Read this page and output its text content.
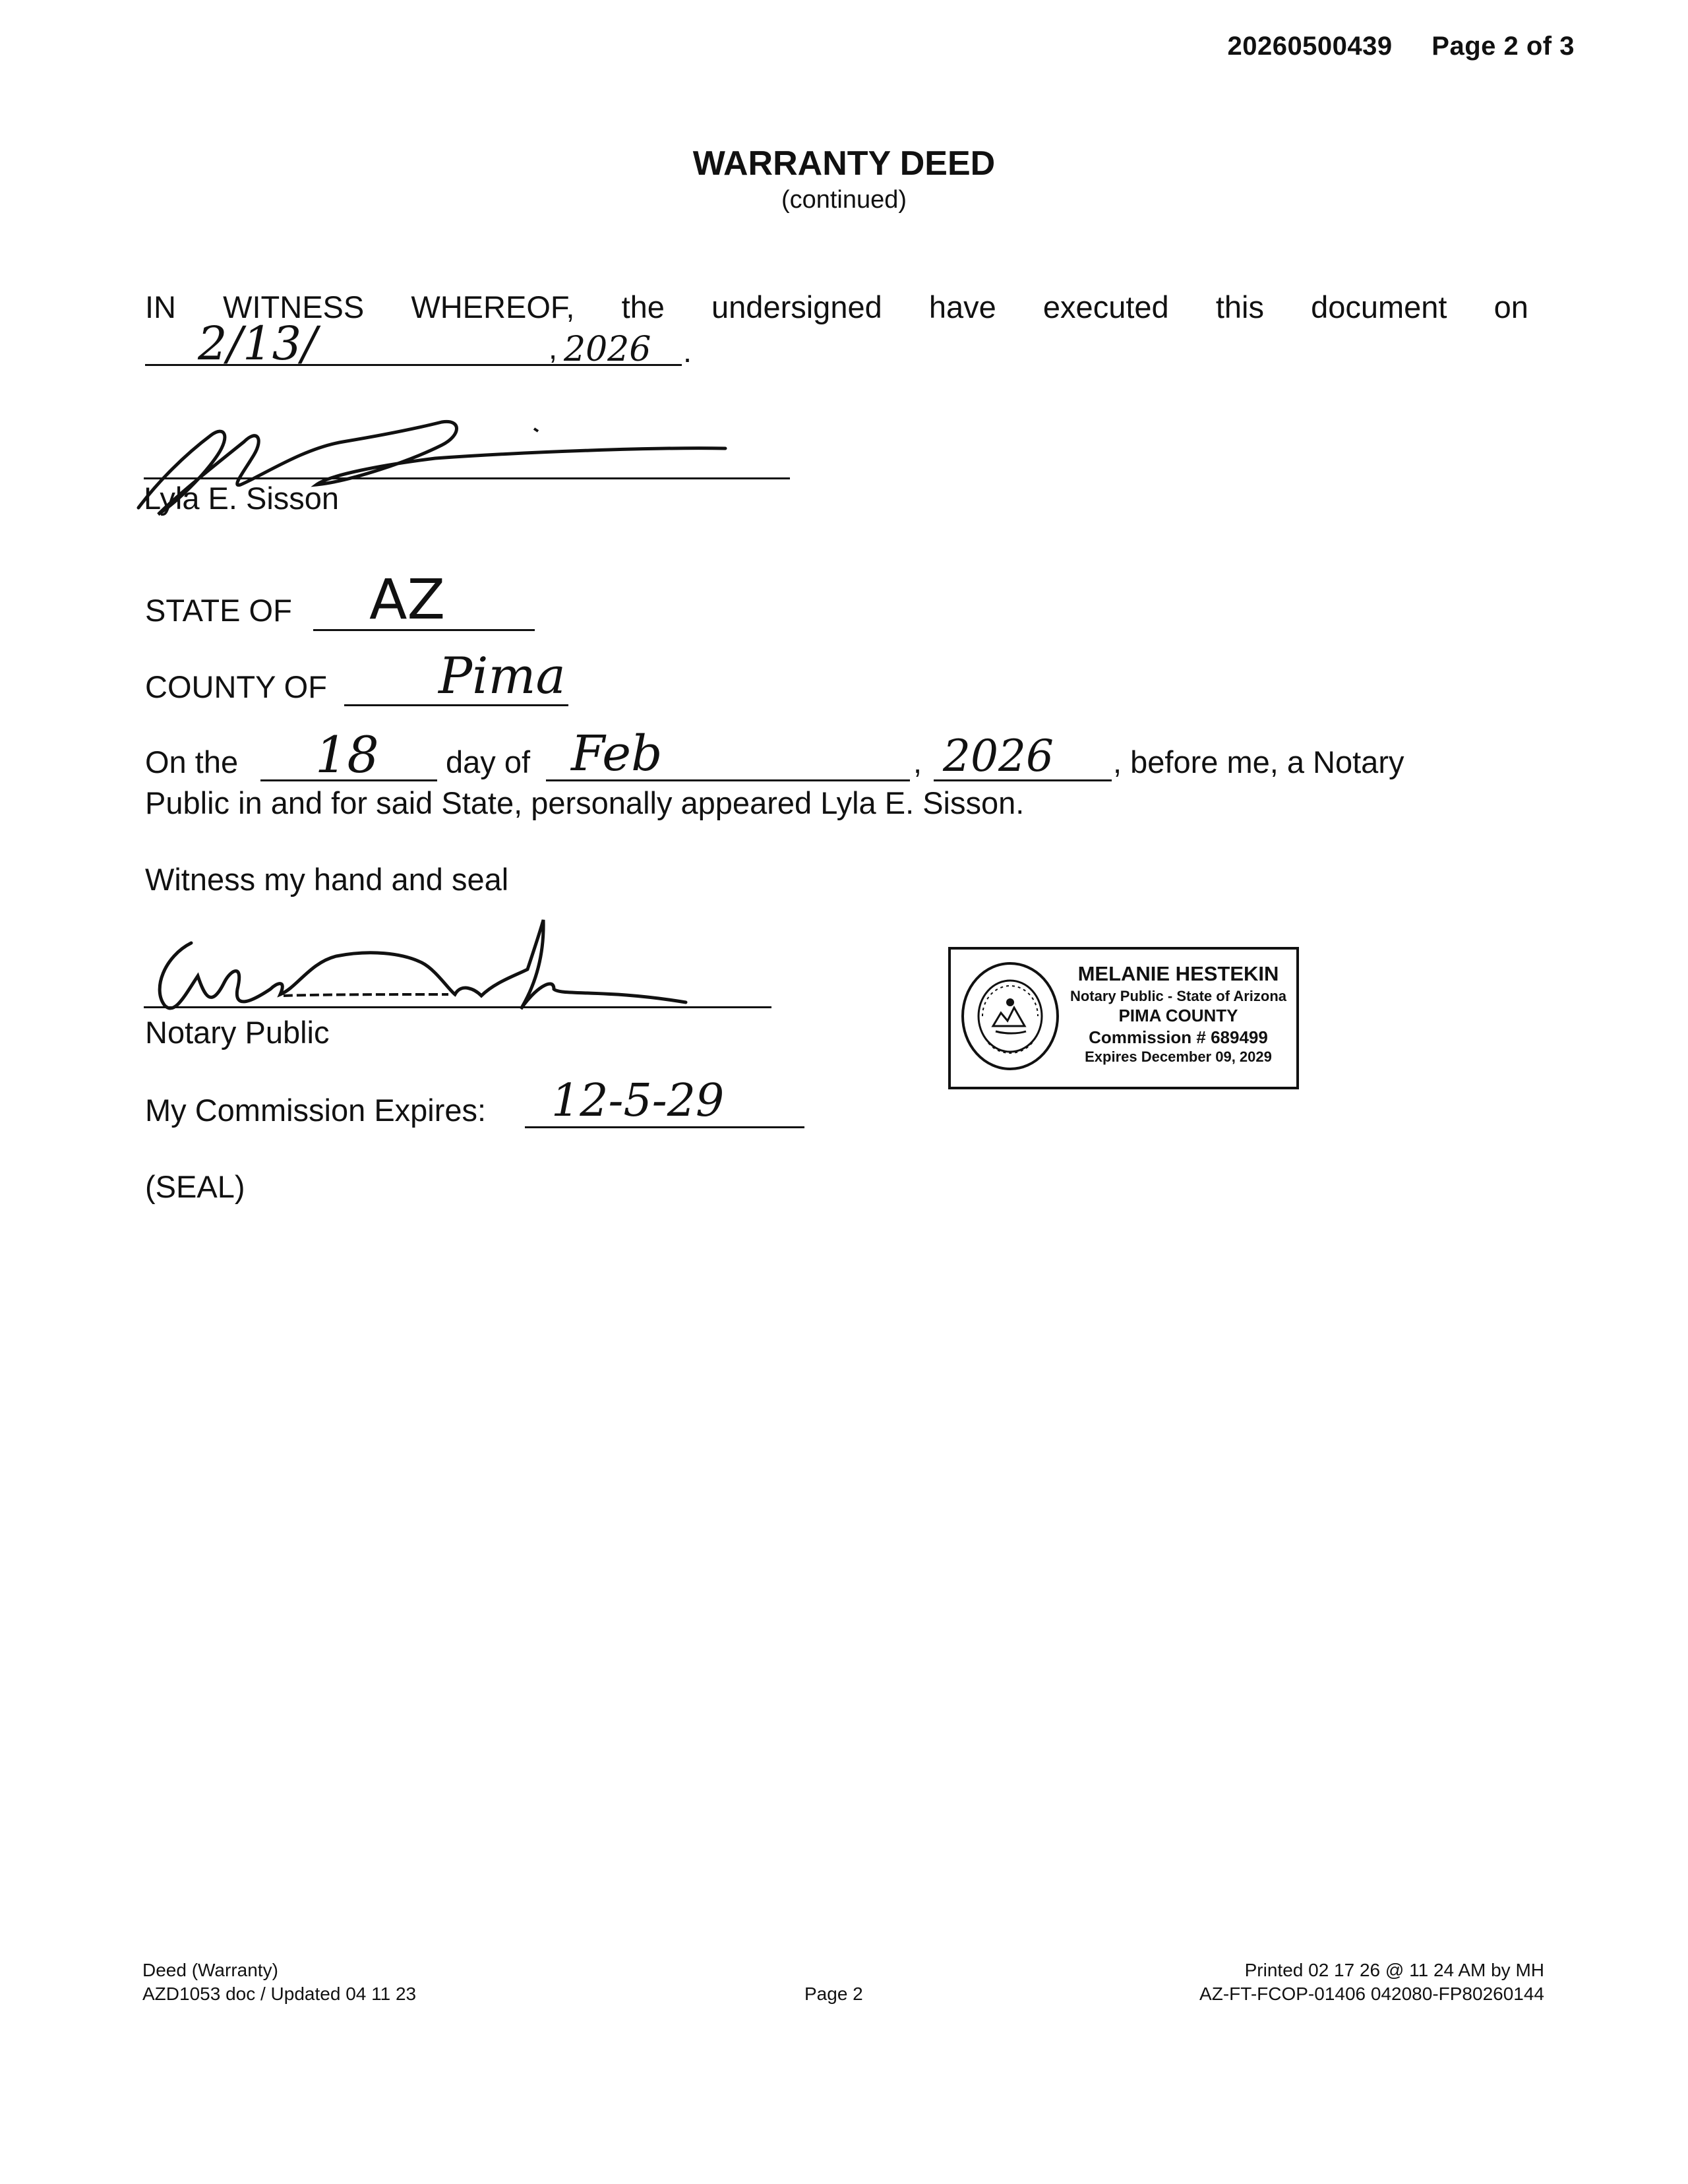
20260500439 Page 2 of 3
WARRANTY DEED
(continued)
IN WITNESS WHEREOF, the undersigned have executed this document on
2/13/	, 2026 .
Lyla E. Sisson
STATE OF AZ
COUNTY OF Pima
On the 18 day of Feb	, 2026 , before me, a Notary
Public in and for said State, personally appeared Lyla E. Sisson.
Witness my hand and seal
Notary Public
My Commission Expires: 12-5-29
(SEAL)
MELANIE HESTEKIN
Notary Public - State of Arizona
PIMA COUNTY
Commission # 689499
Expires December 09, 2029
Deed (Warranty)
AZD1053 doc / Updated 04 11 23	Page 2
Printed 02 17 26 @ 11 24 AM by MH
AZ-FT-FCOP-01406 042080-FP80260144
